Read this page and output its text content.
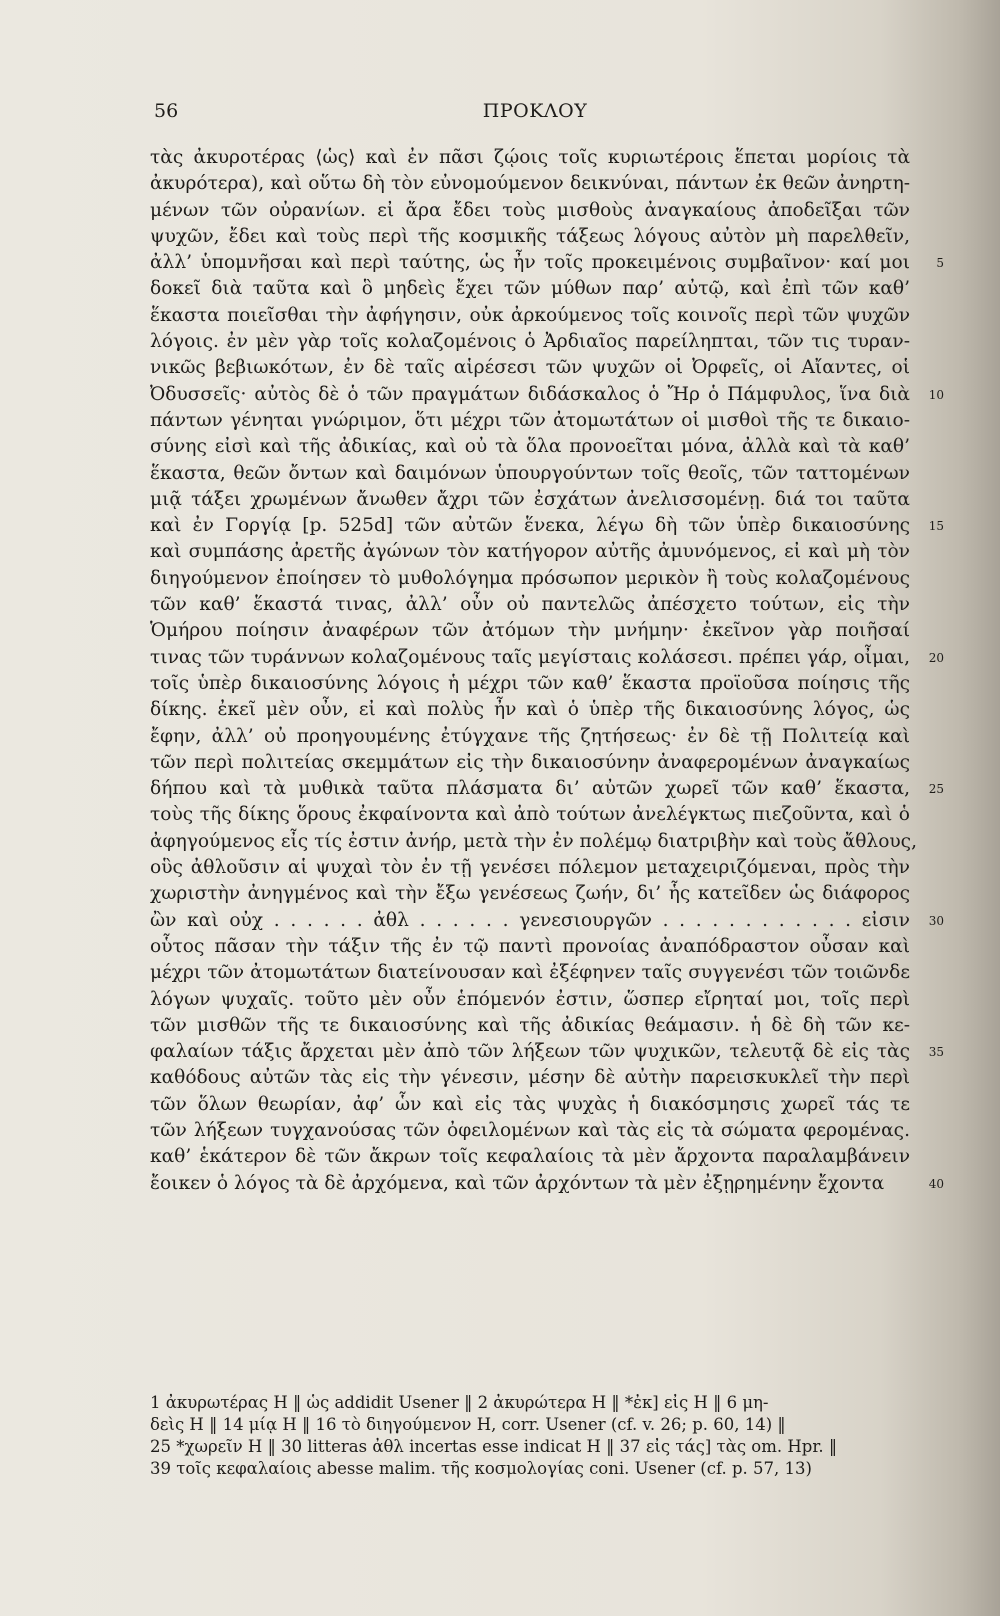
56	ΠΡΟΚΛΟΥ
τὰς ἀκυροτέρας ⟨ὡς⟩ καὶ ἐν πᾶσι ζῴοις τοῖς κυριωτέροις ἕπεται μορίοις τὰ
ἀκυρότερα), καὶ οὕτω δὴ τὸν εὐνομούμενον δεικνύναι, πάντων ἐκ θεῶν ἀνηρτη-
μένων τῶν οὐρανίων. εἰ ἄρα ἔδει τοὺς μισθοὺς ἀναγκαίους ἀποδεῖξαι τῶν
ψυχῶν, ἔδει καὶ τοὺς περὶ τῆς κοσμικῆς τάξεως λόγους αὐτὸν μὴ παρελθεῖν,
ἀλλ’ ὑπομνῆσαι καὶ περὶ ταύτης, ὡς ἦν τοῖς προκειμένοις συμβαῖνον· καί μοι 5
δοκεῖ διὰ ταῦτα καὶ ὃ μηδεὶς ἔχει τῶν μύθων παρ’ αὐτῷ, καὶ ἐπὶ τῶν καθ’
ἕκαστα ποιεῖσθαι τὴν ἀφήγησιν, οὐκ ἀρκούμενος τοῖς κοινοῖς περὶ τῶν ψυχῶν
λόγοις. ἐν μὲν γὰρ τοῖς κολαζομένοις ὁ Ἀρδιαῖος παρείληπται, τῶν τις τυραν-
νικῶς βεβιωκότων, ἐν δὲ ταῖς αἱρέσεσι τῶν ψυχῶν οἱ Ὀρφεῖς, οἱ Αἴαντες, οἱ
Ὀδυσσεῖς· αὐτὸς δὲ ὁ τῶν πραγμάτων διδάσκαλος ὁ Ἤρ ὁ Πάμφυλος, ἵνα διὰ 10
πάντων γένηται γνώριμον, ὅτι μέχρι τῶν ἀτομωτάτων οἱ μισθοὶ τῆς τε δικαιο-
σύνης εἰσὶ καὶ τῆς ἀδικίας, καὶ οὐ τὰ ὅλα προνοεῖται μόνα, ἀλλὰ καὶ τὰ καθ’
ἕκαστα, θεῶν ὄντων καὶ δαιμόνων ὑπουργούντων τοῖς θεοῖς, τῶν ταττομένων
μιᾷ τάξει χρωμένων ἄνωθεν ἄχρι τῶν ἐσχάτων ἀνελισσομένῃ. διά τοι ταῦτα
καὶ ἐν Γοργίᾳ [p. 525d] τῶν αὐτῶν ἕνεκα, λέγω δὴ τῶν ὑπὲρ δικαιοσύνης 15
καὶ συμπάσης ἀρετῆς ἀγώνων τὸν κατήγορον αὐτῆς ἀμυνόμενος, εἰ καὶ μὴ τὸν
διηγούμενον ἐποίησεν τὸ μυθολόγημα πρόσωπον μερικὸν ἢ τοὺς κολαζομένους
τῶν καθ’ ἕκαστά τινας, ἀλλ’ οὖν οὐ παντελῶς ἀπέσχετο τούτων, εἰς τὴν
Ὁμήρου ποίησιν ἀναφέρων τῶν ἀτόμων τὴν μνήμην· ἐκεῖνον γὰρ ποιῆσαί
τινας τῶν τυράννων κολαζομένους ταῖς μεγίσταις κολάσεσι. πρέπει γάρ, οἶμαι, 20
τοῖς ὑπὲρ δικαιοσύνης λόγοις ἡ μέχρι τῶν καθ’ ἕκαστα προϊοῦσα ποίησις τῆς
δίκης. ἐκεῖ μὲν οὖν, εἰ καὶ πολὺς ἦν καὶ ὁ ὑπὲρ τῆς δικαιοσύνης λόγος, ὡς
ἔφην, ἀλλ’ οὐ προηγουμένης ἐτύγχανε τῆς ζητήσεως· ἐν δὲ τῇ Πολιτείᾳ καὶ
τῶν περὶ πολιτείας σκεμμάτων εἰς τὴν δικαιοσύνην ἀναφερομένων ἀναγκαίως
δήπου καὶ τὰ μυθικὰ ταῦτα πλάσματα δι’ αὐτῶν χωρεῖ τῶν καθ’ ἕκαστα, 25
τοὺς τῆς δίκης ὅρους ἐκφαίνοντα καὶ ἀπὸ τούτων ἀνελέγκτως πιεζοῦντα, καὶ ὁ
ἀφηγούμενος εἶς τίς ἐστιν ἀνήρ, μετὰ τὴν ἐν πολέμῳ διατριβὴν καὶ τοὺς ἄθλους,
οὓς ἀθλοῦσιν αἱ ψυχαὶ τὸν ἐν τῇ γενέσει πόλεμον μεταχειριζόμεναι, πρὸς τὴν
χωριστὴν ἀνηγμένος καὶ τὴν ἔξω γενέσεως ζωήν, δι’ ἧς κατεῖδεν ὡς διάφορος
ὢν καὶ οὐχ . . . . . . ἀθλ . . . . . . γενεσιουργῶν . . . . . . . . . . . . εἰσιν 30
οὗτος πᾶσαν τὴν τάξιν τῆς ἐν τῷ παντὶ προνοίας ἀναπόδραστον οὖσαν καὶ
μέχρι τῶν ἀτομωτάτων διατείνουσαν καὶ ἐξέφηνεν ταῖς συγγενέσι τῶν τοιῶνδε
λόγων ψυχαῖς. τοῦτο μὲν οὖν ἑπόμενόν ἐστιν, ὥσπερ εἴρηταί μοι, τοῖς περὶ
τῶν μισθῶν τῆς τε δικαιοσύνης καὶ τῆς ἀδικίας θεάμασιν. ἡ δὲ δὴ τῶν κε-
φαλαίων τάξις ἄρχεται μὲν ἀπὸ τῶν λήξεων τῶν ψυχικῶν, τελευτᾷ δὲ εἰς τὰς 35
καθόδους αὐτῶν τὰς εἰς τὴν γένεσιν, μέσην δὲ αὐτὴν παρεισκυκλεῖ τὴν περὶ
τῶν ὅλων θεωρίαν, ἀφ’ ὧν καὶ εἰς τὰς ψυχὰς ἡ διακόσμησις χωρεῖ τάς τε
τῶν λήξεων τυγχανούσας τῶν ὀφειλομένων καὶ τὰς εἰς τὰ σώματα φερομένας.
καθ’ ἑκάτερον δὲ τῶν ἄκρων τοῖς κεφαλαίοις τὰ μὲν ἄρχοντα παραλαμβάνειν
ἔοικεν ὁ λόγος τὰ δὲ ἀρχόμενα, καὶ τῶν ἀρχόντων τὰ μὲν ἐξῃρημένην ἔχοντα	40
1 ἀκυρωτέρας H ‖ ὡς addidit Usener ‖ 2 ἀκυρώτερα H ‖ *ἐκ] εἰς H ‖ 6 μη-
δεὶς H ‖ 14 μίᾳ H ‖ 16 τὸ διηγούμενον H, corr. Usener (cf. v. 26; p. 60, 14) ‖
25 *χωρεῖν H ‖ 30 litteras ἀθλ incertas esse indicat H ‖ 37 εἰς τάς] τὰς om. Hpr. ‖
39 τοῖς κεφαλαίοις abesse malim. τῆς κοσμολογίας coni. Usener (cf. p. 57, 13)
